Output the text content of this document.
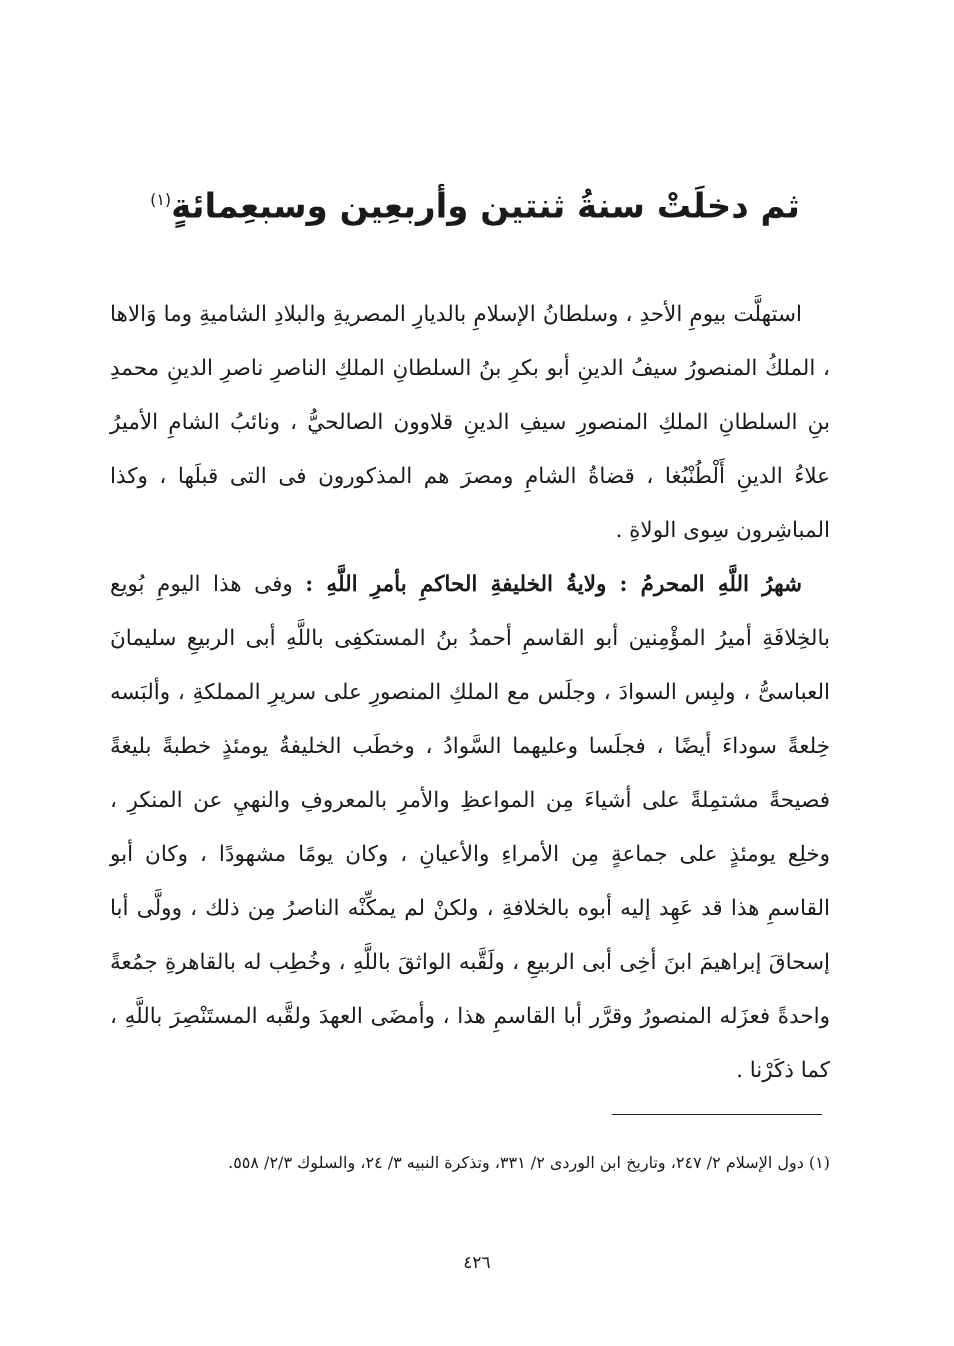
ثم دخلَتْ سنةُ ثنتين وأربعِين وسبعِمائةٍ$^{(١)}$

استهلَّت بيومِ الأحدِ ، وسلطانُ الإسلامِ بالديارِ المصريةِ والبلادِ الشاميةِ وما وَالاها ، الملكُ المنصورُ سيفُ الدينِ أبو بكرِ بنُ السلطانِ الملكِ الناصرِ ناصرِ الدينِ محمدِ بنِ السلطانِ الملكِ المنصورِ سيفِ الدينِ قلاوون الصالحيُّ ، ونائبُ الشامِ الأميرُ علاءُ الدينِ أَلْطُنْبُغا ، قضاةُ الشامِ ومصرَ هم المذكورون فى التى قبلَها ، وكذا المباشِرون سِوى الولاةِ .

شهرُ اللَّهِ المحرمُ : ولايةُ الخليفةِ الحاكمِ بأمرِ اللَّهِ : وفى هذا اليومِ بُويع بالخِلافَةِ أميرُ المؤْمِنين أبو القاسمِ أحمدُ بنُ المستكفِى باللَّهِ أبى الربيعِ سليمانَ العباسىُّ ، ولبِس السوادَ ، وجلَس مع الملكِ المنصورِ على سريرِ المملكةِ ، وألبَسه خِلعةً سوداءَ أيضًا ، فجلَسا وعليهما السَّوادُ ، وخطَب الخليفةُ يومئذٍ خطبةً بليغةً فصيحةً مشتمِلةً على أشياءَ مِن المواعظِ والأمرِ بالمعروفِ والنهيِ عن المنكرِ ، وخلِع يومئذٍ على جماعةٍ مِن الأمراءِ والأعيانِ ، وكان يومًا مشهودًا ، وكان أبو القاسمِ هذا قد عَهِد إليه أبوه بالخلافةِ ، ولكنْ لم يمكِّنْه الناصرُ مِن ذلك ، وولَّى أبا إسحاقَ إبراهيمَ ابنَ أخِى أبى الربيعِ ، ولَقَّبه الواثقَ باللَّهِ ، وخُطِب له بالقاهرةِ جمُعةً واحدةً فعزَله المنصورُ وقرَّر أبا القاسمِ هذا ، وأمضَى العهدَ ولقَّبه المستَنْصِرَ باللَّهِ ، كما ذكَرْنا .

(١) دول الإسلام ٢/ ٢٤٧، وتاريخ ابن الوردى ٢/ ٣٣١، وتذكرة النبيه ٣/ ٢٤، والسلوك ٢/٣/ ٥٥٨.
٤٢٦
